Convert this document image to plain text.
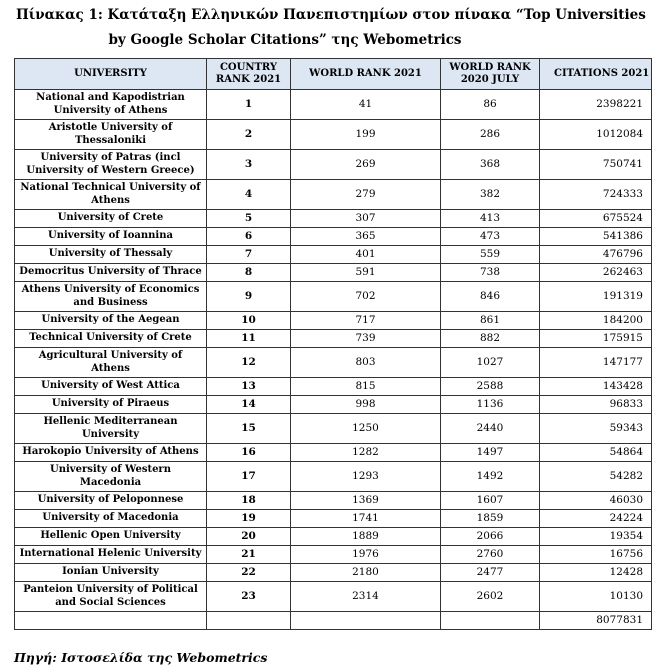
Πίνακας 1: Κατάταξη Ελληνικών Πανεπιστημίων στον πίνακα “Top Universities
by Google Scholar Citations” της Webometrics
UNIVERSITY	COUNTRY RANK 2021	WORLD RANK 2021	WORLD RANK 2020 JULY	CITATIONS 2021
National and Kapodistrian University of Athens	1	41	86	2398221
Aristotle University of Thessaloniki	2	199	286	1012084
University of Patras (incl University of Western Greece)	3	269	368	750741
National Technical University of Athens	4	279	382	724333
University of Crete	5	307	413	675524
University of Ioannina	6	365	473	541386
University of Thessaly	7	401	559	476796
Democritus University of Thrace	8	591	738	262463
Athens University of Economics and Business	9	702	846	191319
University of the Aegean	10	717	861	184200
Technical University of Crete	11	739	882	175915
Agricultural University of Athens	12	803	1027	147177
University of West Attica	13	815	2588	143428
University of Piraeus	14	998	1136	96833
Hellenic Mediterranean University	15	1250	2440	59343
Harokopio University of Athens	16	1282	1497	54864
University of Western Macedonia	17	1293	1492	54282
University of Peloponnese	18	1369	1607	46030
University of Macedonia	19	1741	1859	24224
Hellenic Open University	20	1889	2066	19354
International Helenic University	21	1976	2760	16756
Ionian University	22	2180	2477	12428
Panteion University of Political and Social Sciences	23	2314	2602	10130
				8077831
Πηγή: Ιστοσελίδα της Webometrics
